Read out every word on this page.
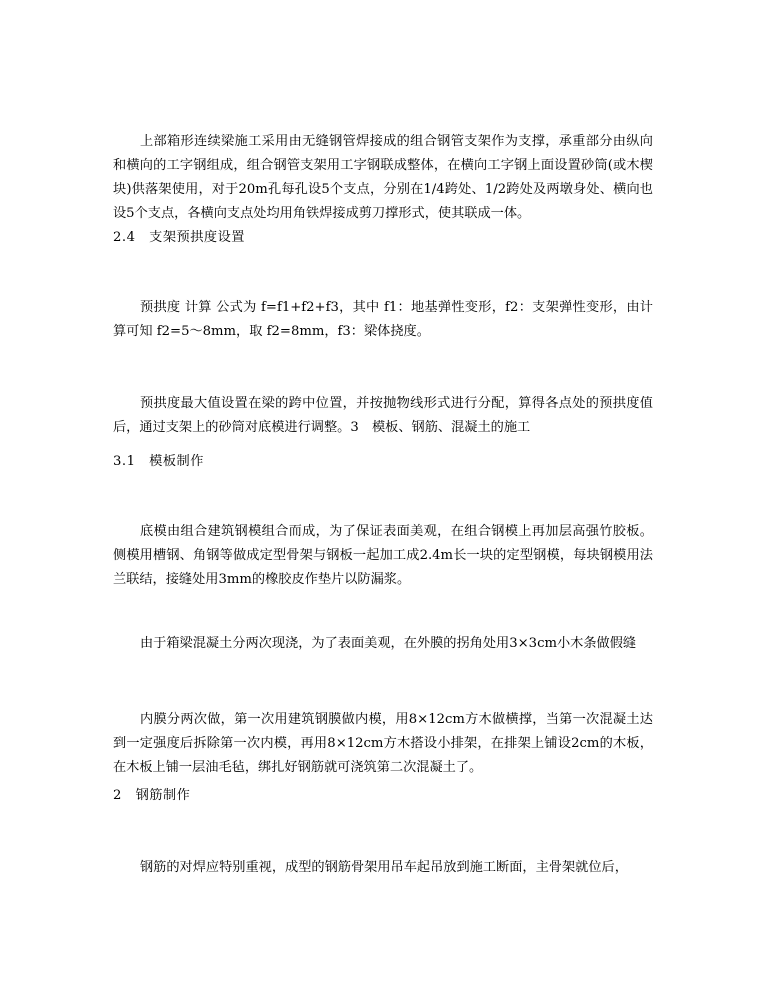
上部箱形连续梁施工采用由无缝钢管焊接成的组合钢管支架作为支撑，承重部分由纵向和横向的工字钢组成，组合钢管支架用工字钢联成整体，在横向工字钢上面设置砂筒(或木楔块)供落架使用，对于20m孔每孔设5个支点，分别在1/4跨处、1/2跨处及两墩身处、横向也设5个支点，各横向支点处均用角铁焊接成剪刀撑形式，使其联成一体。

2.4　支架预拱度设置

预拱度 计算 公式为 f=f1+f2+f3，其中 f1：地基弹性变形，f2：支架弹性变形，由计算可知 f2=5～8mm，取 f2=8mm，f3：梁体挠度。

预拱度最大值设置在梁的跨中位置，并按抛物线形式进行分配，算得各点处的预拱度值后，通过支架上的砂筒对底模进行调整。3　模板、钢筋、混凝土的施工

3.1　模板制作

底模由组合建筑钢模组合而成，为了保证表面美观，在组合钢模上再加层高强竹胶板。侧模用槽钢、角钢等做成定型骨架与钢板一起加工成2.4m长一块的定型钢模，每块钢模用法兰联结，接缝处用3mm的橡胶皮作垫片以防漏浆。

由于箱梁混凝土分两次现浇，为了表面美观，在外膜的拐角处用3×3cm小木条做假缝

内膜分两次做，第一次用建筑钢膜做内模，用8×12cm方木做横撑，当第一次混凝土达到一定强度后拆除第一次内模，再用8×12cm方木搭设小排架，在排架上铺设2cm的木板，在木板上铺一层油毛毡，绑扎好钢筋就可浇筑第二次混凝土了。

2　钢筋制作

钢筋的对焊应特别重视，成型的钢筋骨架用吊车起吊放到施工断面，主骨架就位后，
